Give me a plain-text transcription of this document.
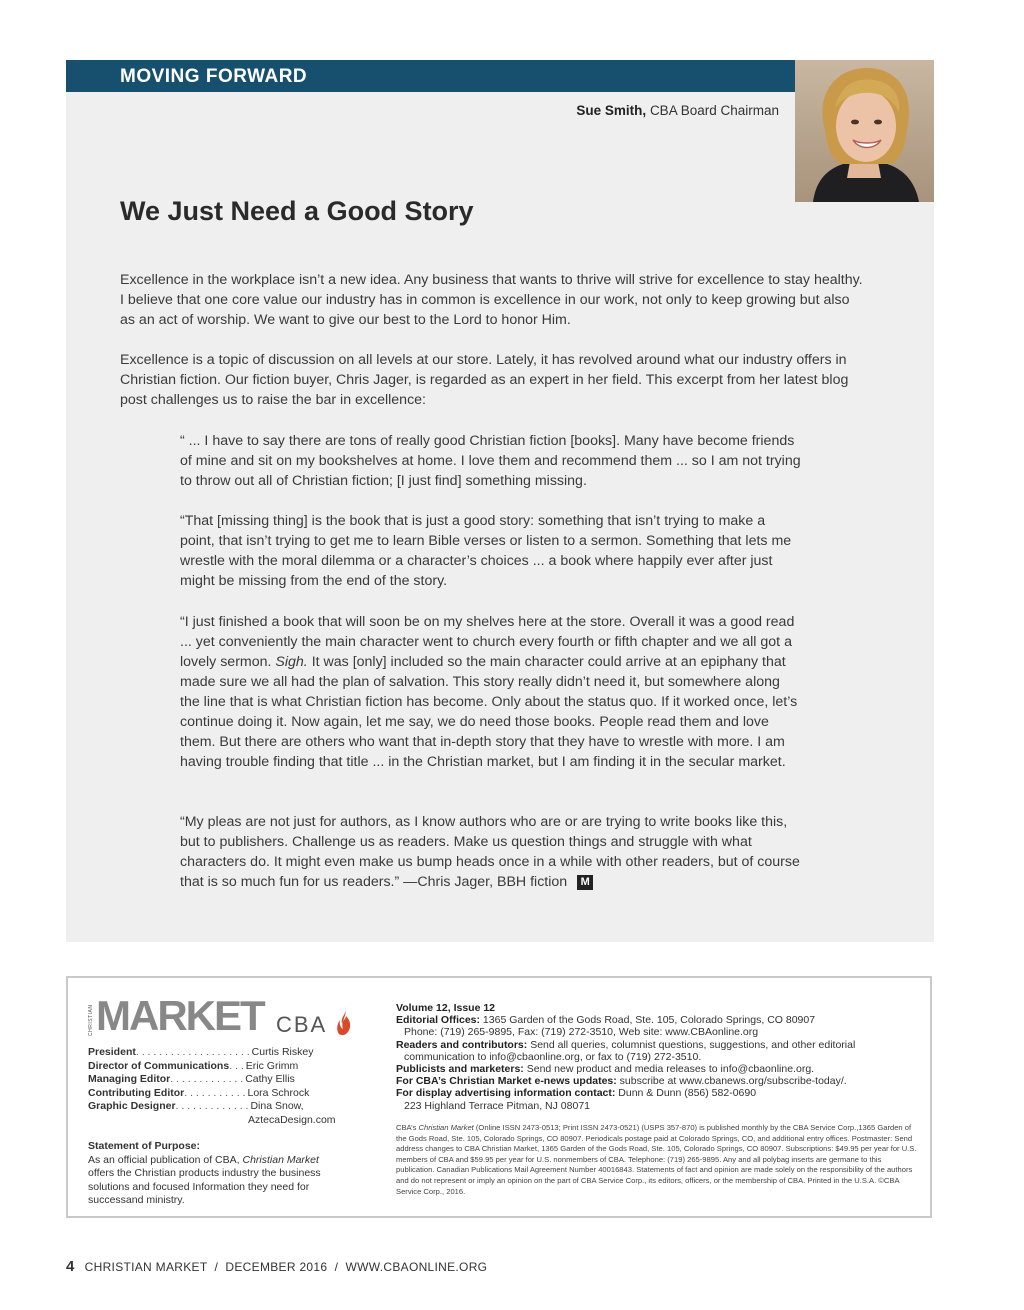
MOVING FORWARD
Sue Smith, CBA Board Chairman
We Just Need a Good Story

Excellence in the workplace isn’t a new idea. Any business that wants to thrive will strive for excellence to stay healthy. I believe that one core value our industry has in common is excellence in our work, not only to keep growing but also as an act of worship. We want to give our best to the Lord to honor Him.

Excellence is a topic of discussion on all levels at our store. Lately, it has revolved around what our industry offers in Christian fiction. Our fiction buyer, Chris Jager, is regarded as an expert in her field. This excerpt from her latest blog post challenges us to raise the bar in excellence:

“ ... I have to say there are tons of really good Christian fiction [books]. Many have become friends of mine and sit on my bookshelves at home. I love them and recommend them ... so I am not trying to throw out all of Christian fiction; [I just find] something missing.

“That [missing thing] is the book that is just a good story: something that isn’t trying to make a point, that isn’t trying to get me to learn Bible verses or listen to a sermon. Something that lets me wrestle with the moral dilemma or a character’s choices ... a book where happily ever after just might be missing from the end of the story.

“I just finished a book that will soon be on my shelves here at the store. Overall it was a good read ... yet conveniently the main character went to church every fourth or fifth chapter and we all got a lovely sermon. Sigh. It was [only] included so the main character could arrive at an epiphany that made sure we all had the plan of salvation. This story really didn’t need it, but somewhere along the line that is what Christian fiction has become. Only about the status quo. If it worked once, let’s continue doing it. Now again, let me say, we do need those books. People read them and love them. But there are others who want that in-depth story that they have to wrestle with more. I am having trouble finding that title ... in the Christian market, but I am finding it in the secular market.

“My pleas are not just for authors, as I know authors who are or are trying to write books like this, but to publishers. Challenge us as readers. Make us question things and struggle with what characters do. It might even make us bump heads once in a while with other readers, but of course that is so much fun for us readers.” —Chris Jager, BBH fiction M

CHRISTIAN MARKET CBA
President . . . . . . . . . . . . . . . . . . . . Curtis Riskey
Director of Communications . . . Eric Grimm
Managing Editor . . . . . . . . . . . . . Cathy Ellis
Contributing Editor . . . . . . . . . . . Lora Schrock
Graphic Designer . . . . . . . . . . . . . Dina Snow,
AztecaDesign.com
Statement of Purpose:
As an official publication of CBA, Christian Market offers the Christian products industry the business solutions and focused Information they need for successand ministry.
Volume 12, Issue 12
Editorial Offices: 1365 Garden of the Gods Road, Ste. 105, Colorado Springs, CO 80907
Phone: (719) 265-9895, Fax: (719) 272-3510, Web site: www.CBAonline.org
Readers and contributors: Send all queries, columnist questions, suggestions, and other editorial
communication to info@cbaonline.org, or fax to (719) 272-3510.
Publicists and marketers: Send new product and media releases to info@cbaonline.org.
For CBA’s Christian Market e-news updates: subscribe at www.cbanews.org/subscribe-today/.
For display advertising information contact: Dunn & Dunn (856) 582-0690
223 Highland Terrace Pitman, NJ 08071
CBA’s Christian Market (Online ISSN 2473-0513; Print ISSN 2473-0521) (USPS 357-870) is published monthly by the CBA Service Corp.,1365 Garden of the Gods Road, Ste. 105, Colorado Springs, CO 80907. Periodicals postage paid at Colorado Springs, CO, and additional entry offices. Postmaster: Send address changes to CBA Christian Market, 1365 Garden of the Gods Road, Ste. 105, Colorado Springs, CO 80907. Subscriptions: $49.95 per year for U.S. members of CBA and $59.95 per year for U.S. nonmembers of CBA. Telephone: (719) 265-9895. Any and all polybag inserts are germane to this publication. Canadian Publications Mail Agreement Number 40016843. Statements of fact and opinion are made solely on the responsibility of the authors and do not represent or imply an opinion on the part of CBA Service Corp., its editors, officers, or the membership of CBA. Printed in the U.S.A. ©CBA Service Corp., 2016.
4 CHRISTIAN MARKET  /  DECEMBER 2016  /  WWW.CBAONLINE.ORG
